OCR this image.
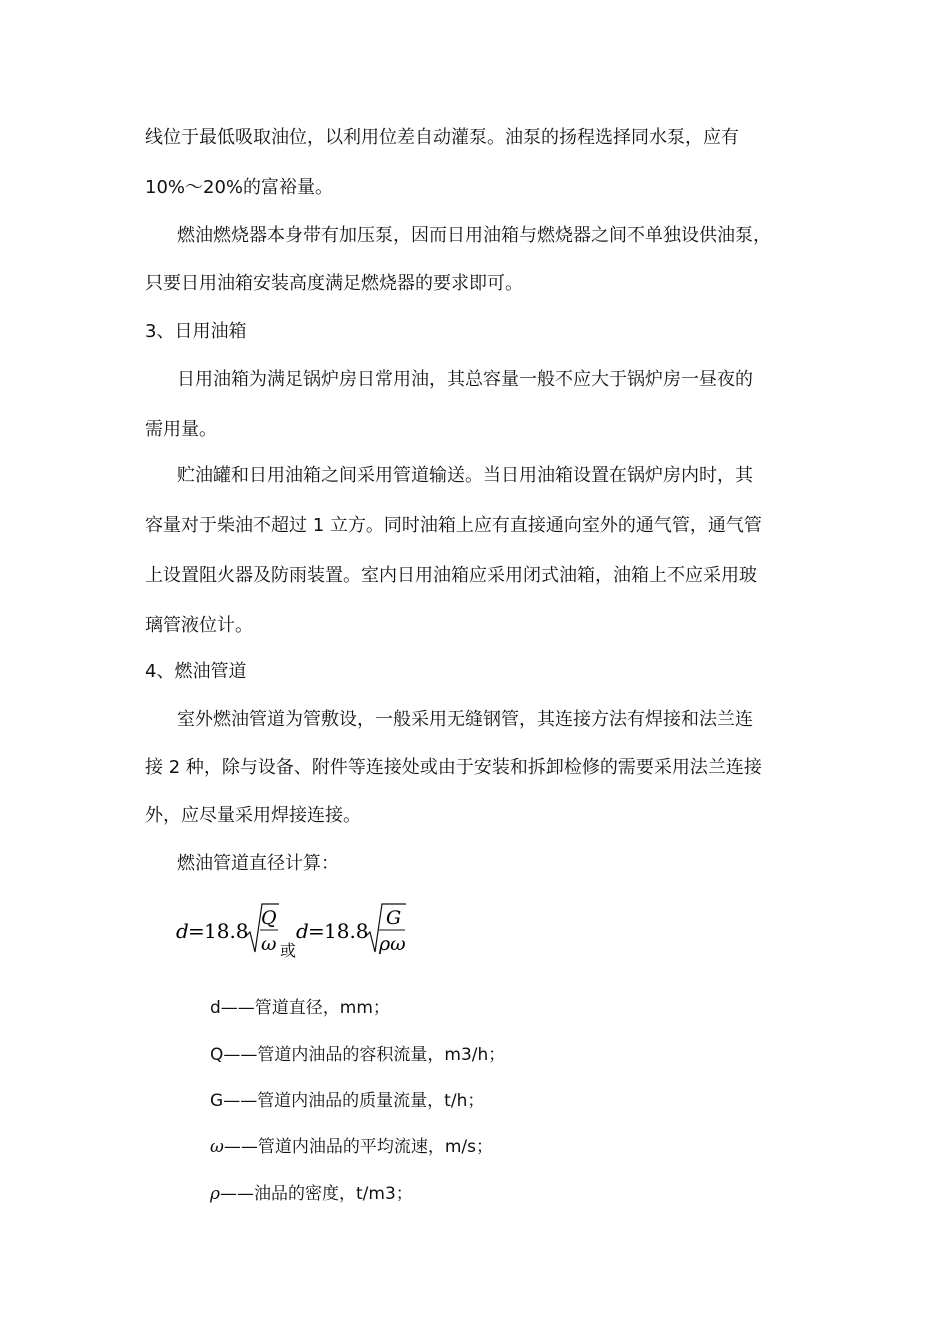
线位于最低吸取油位，以利用位差自动灌泵。油泵的扬程选择同水泵，应有
10%～20%的富裕量。
燃油燃烧器本身带有加压泵，因而日用油箱与燃烧器之间不单独设供油泵，
只要日用油箱安装高度满足燃烧器的要求即可。
3、日用油箱
日用油箱为满足锅炉房日常用油，其总容量一般不应大于锅炉房一昼夜的
需用量。
贮油罐和日用油箱之间采用管道输送。当日用油箱设置在锅炉房内时，其
容量对于柴油不超过 1 立方。同时油箱上应有直接通向室外的通气管，通气管
上设置阻火器及防雨装置。室内日用油箱应采用闭式油箱，油箱上不应采用玻
璃管液位计。
4、燃油管道
室外燃油管道为管敷设，一般采用无缝钢管，其连接方法有焊接和法兰连
接 2 种，除与设备、附件等连接处或由于安装和拆卸检修的需要采用法兰连接
外，应尽量采用焊接连接。
燃油管道直径计算：
d = 18.8
Q
ω 或
d = 18.8
G
ρω
d——管道直径，mm；
Q——管道内油品的容积流量，m3/h；
G——管道内油品的质量流量，t/h；
ω——管道内油品的平均流速，m/s；
ρ——油品的密度，t/m3；
